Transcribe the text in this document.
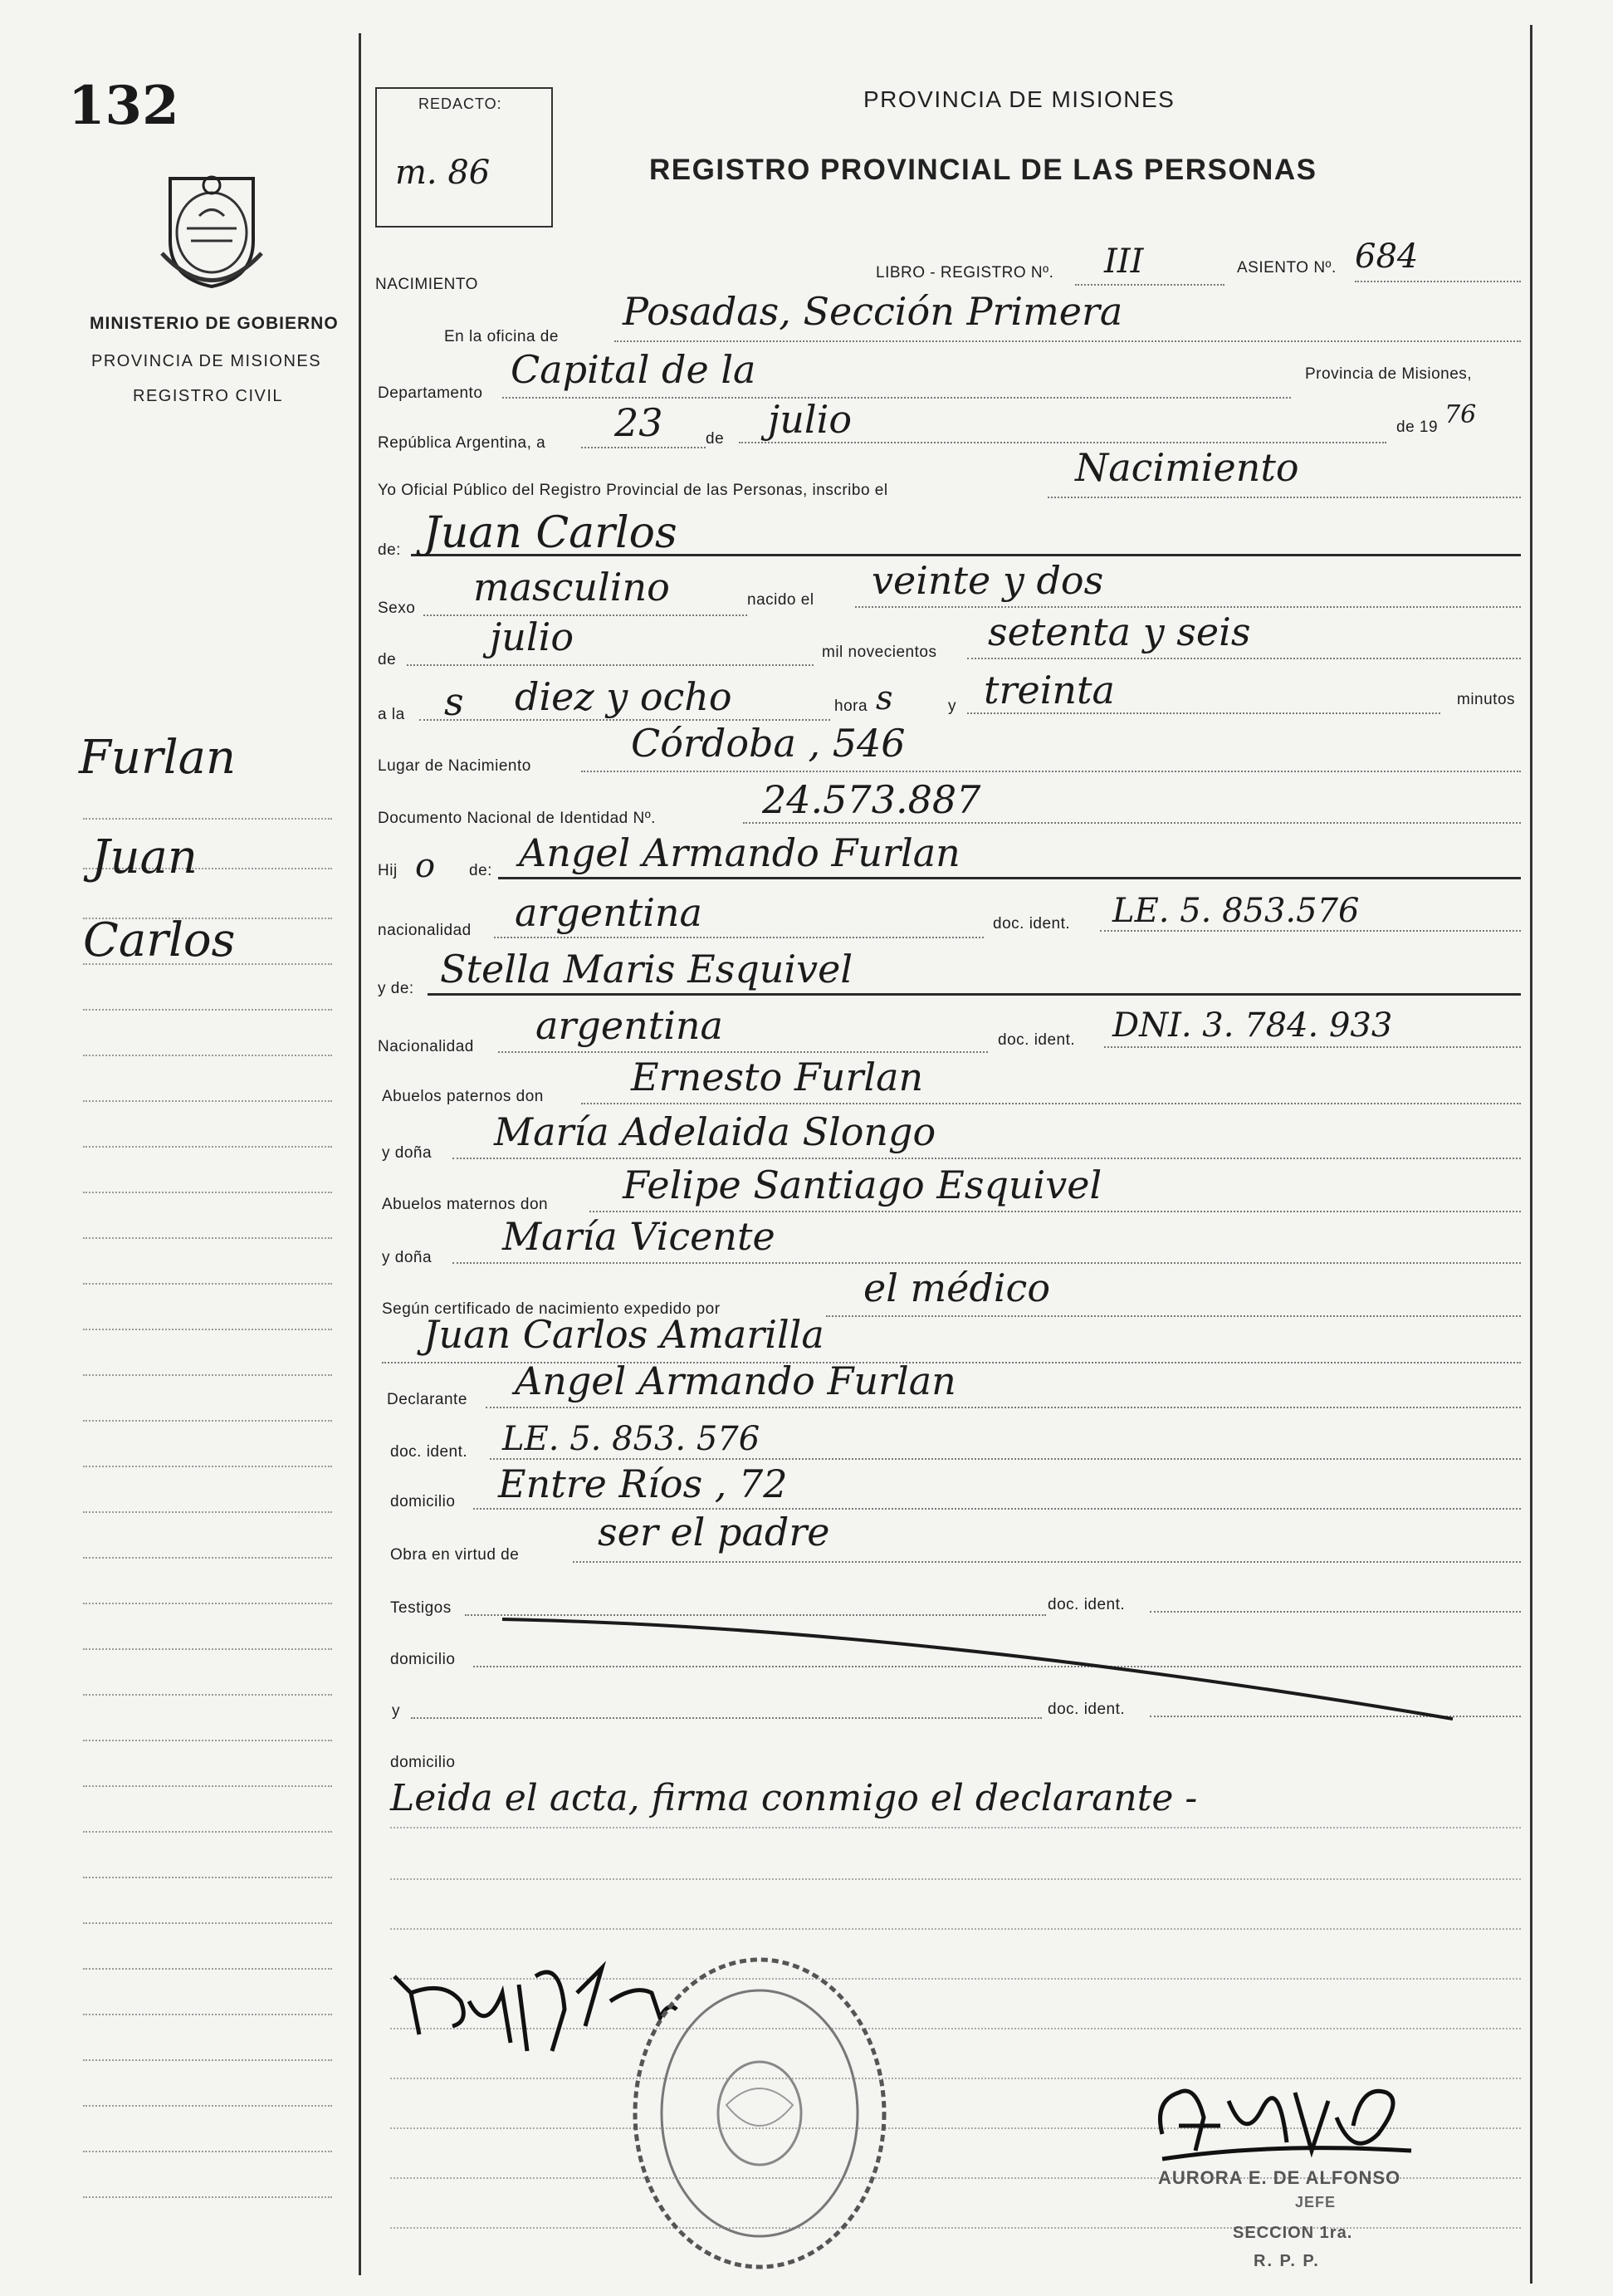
132
MINISTERIO DE GOBIERNO
PROVINCIA DE MISIONES
REGISTRO CIVIL
Furlan
Juan
Carlos
REDACTO:
m. 86
PROVINCIA DE MISIONES
REGISTRO PROVINCIAL DE LAS PERSONAS
NACIMIENTO
LIBRO - REGISTRO Nº. III	ASIENTO Nº. 684
En la oficina de
Posadas, Sección Primera
Departamento
Capital de la	Provincia de Misiones,
República Argentina, a 23	de julio	de 19 76
Yo Oficial Público del Registro Provincial de las Personas, inscribo el
Nacimiento
de: Juan Carlos
Sexo masculino	nacido el veinte y dos
de
julio	mil novecientos setenta y seis
a la s diez y ocho	hora s	y treinta	minutos
Lugar de Nacimiento
Córdoba , 546
Documento Nacional de Identidad Nº.	24.573.887
Hij o de: Angel Armando Furlan
nacionalidad argentina	doc. ident. LE. 5. 853.576
y de: Stella Maris Esquivel
Nacionalidad argentina	doc. ident. DNI. 3. 784. 933
Abuelos paternos don Ernesto Furlan
y doña María Adelaida Slongo
Abuelos maternos don Felipe Santiago Esquivel
y doña María Vicente
Según certificado de nacimiento expedido por	el médico
Juan Carlos Amarilla
Declarante Angel Armando Furlan
doc. ident. LE. 5. 853. 576
domicilio Entre Ríos , 72
Obra en virtud de
ser el padre
Testigos	doc. ident.
domicilio
y	doc. ident.
domicilio
Leida el acta, firma conmigo el declarante -
AURORA E. DE ALFONSO
JEFE
SECCION 1ra.
R. P. P.
